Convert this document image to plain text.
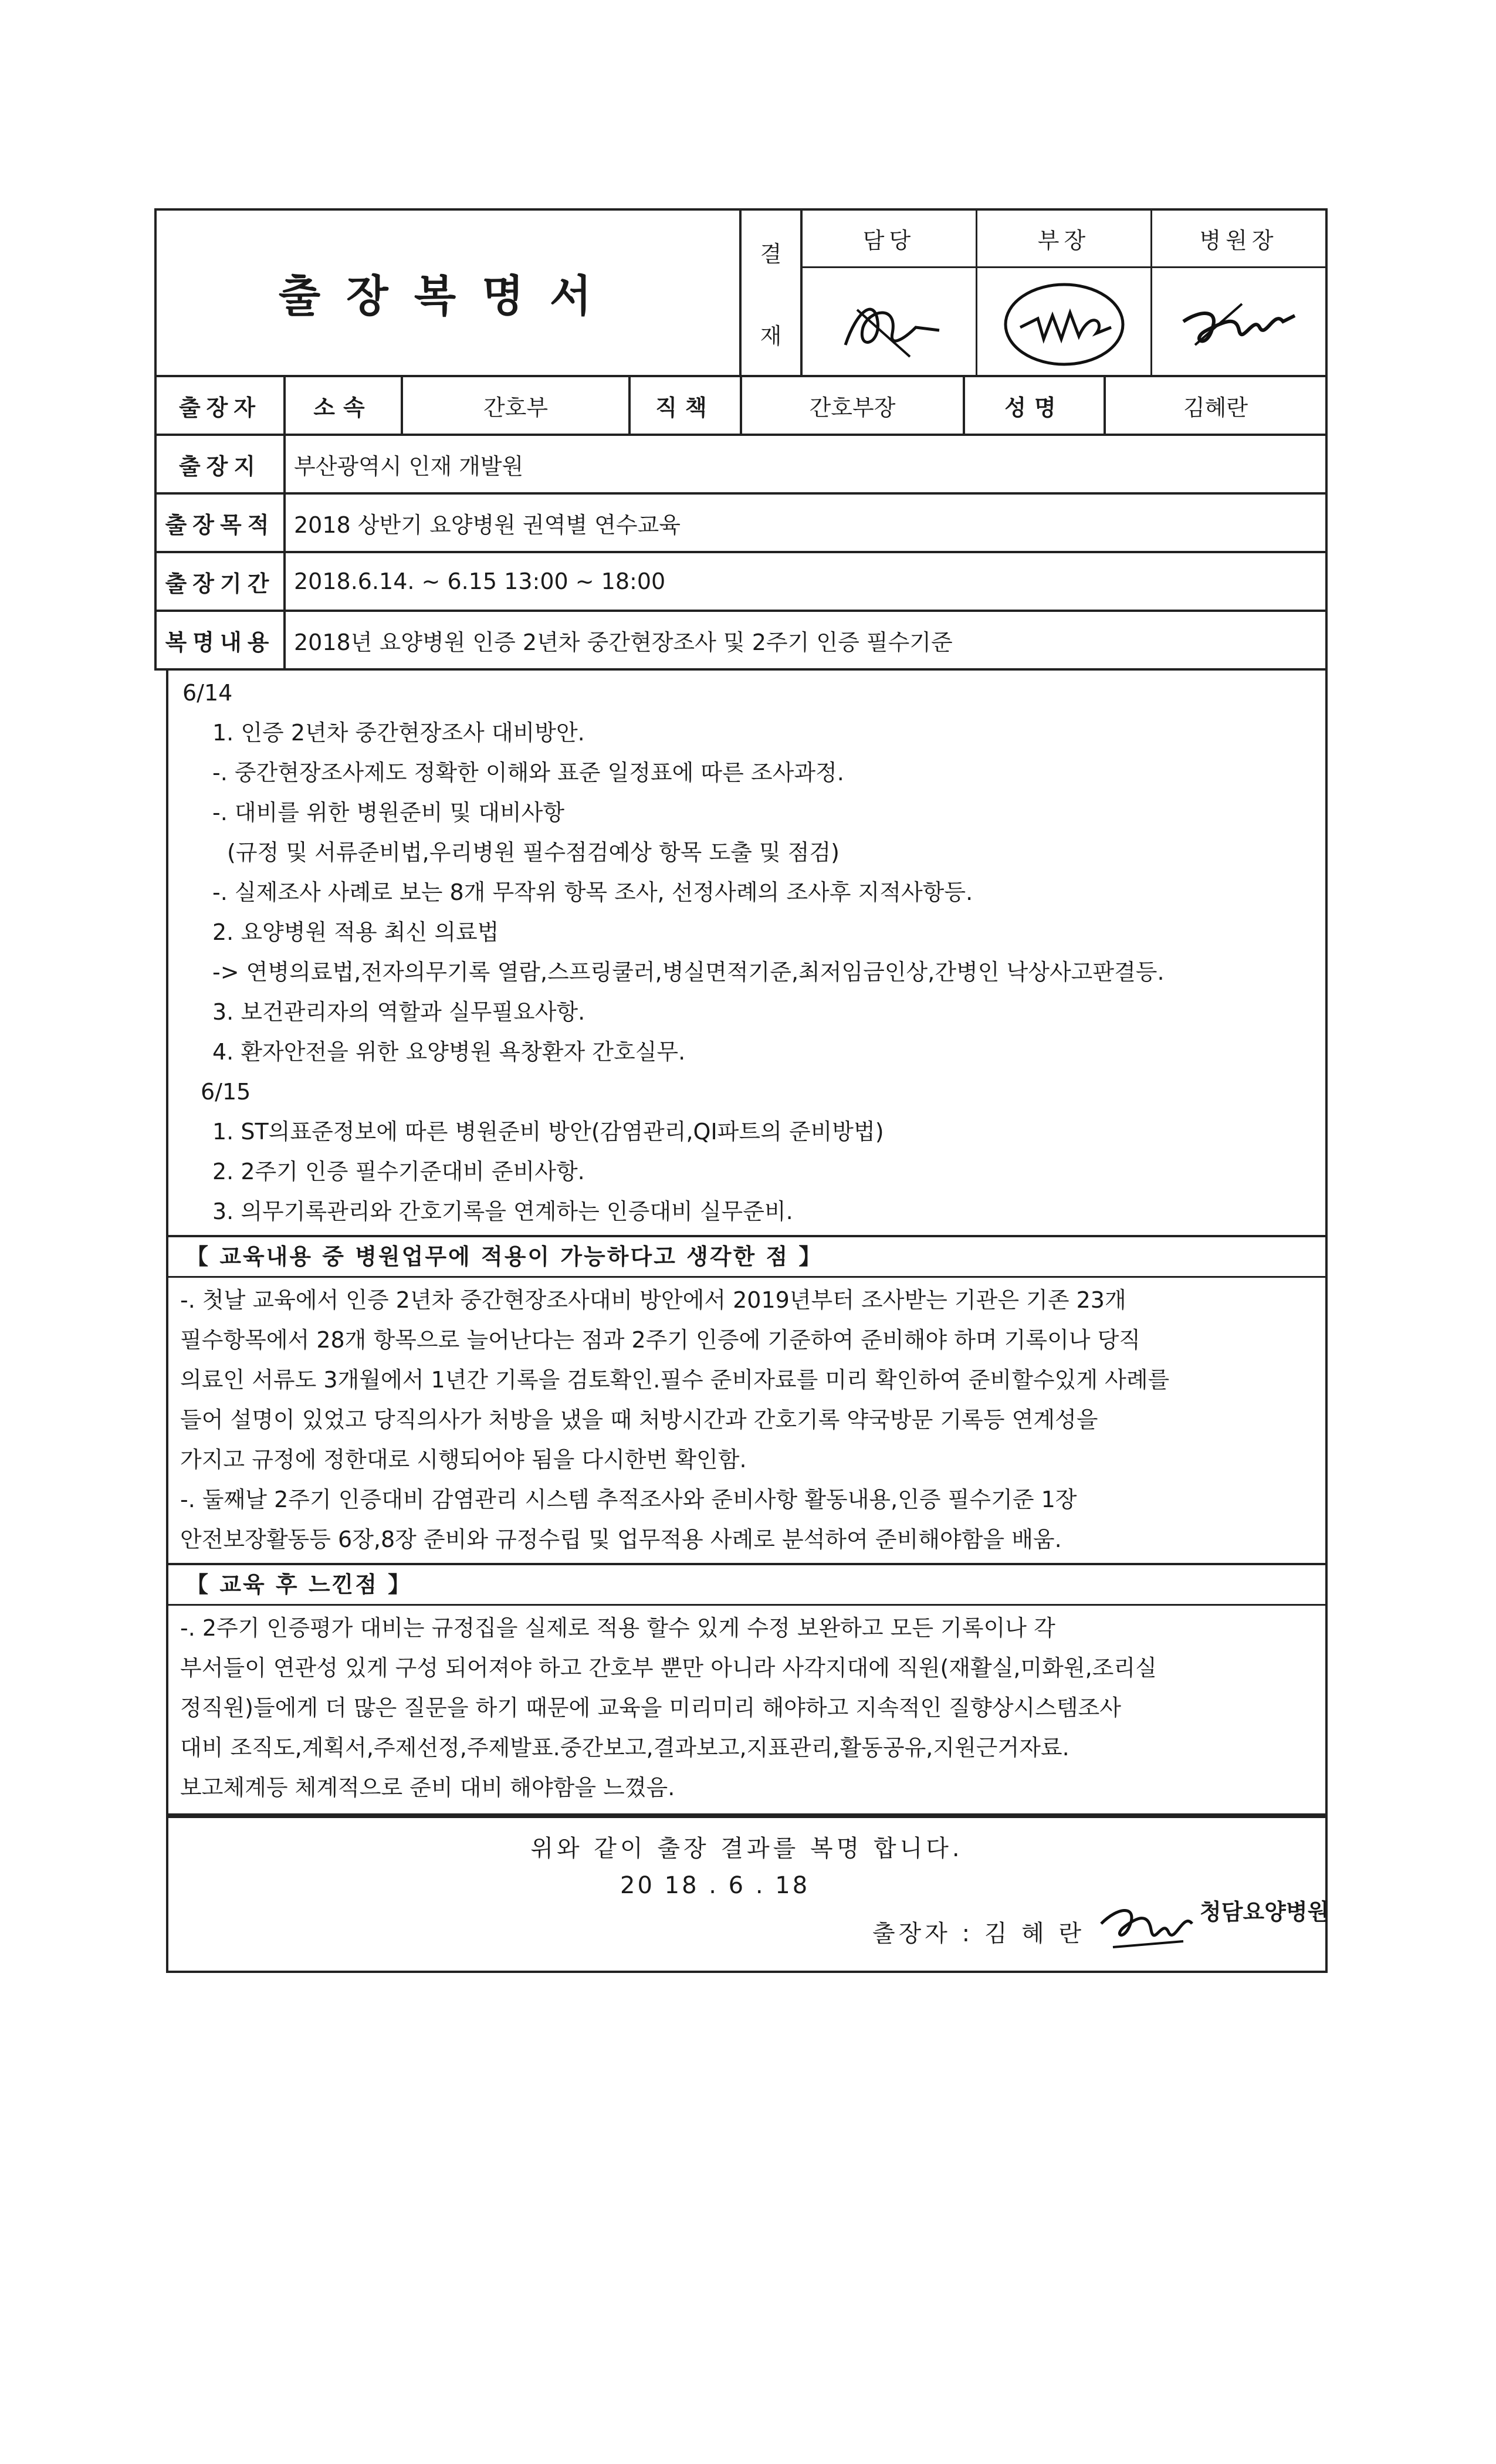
출장복명서
결
재
담당	부장	병원장
출장자	소속	간호부	직책	간호부장	성명	김혜란
출장지	부산광역시 인재 개발원					
출장목적	2018 상반기 요양병원 권역별 연수교육					
출장기간	2018.6.14. ~ 6.15 13:00 ~ 18:00					
복명내용	2018년 요양병원 인증 2년차 중간현장조사 및 2주기 인증 필수기준					
6/14
1. 인증 2년차 중간현장조사 대비방안.
-. 중간현장조사제도 정확한 이해와 표준 일정표에 따른 조사과정.
-. 대비를 위한 병원준비 및 대비사항
(규정 및 서류준비법,우리병원 필수점검예상 항목 도출 및 점검)
-. 실제조사 사례로 보는 8개 무작위 항목 조사, 선정사례의 조사후 지적사항등.
2. 요양병원 적용 최신 의료법
-> 연병의료법,전자의무기록 열람,스프링쿨러,병실면적기준,최저임금인상,간병인 낙상사고판결등.
3. 보건관리자의 역할과 실무필요사항.
4. 환자안전을 위한 요양병원 욕창환자 간호실무.
6/15
1. ST의표준정보에 따른 병원준비 방안(감염관리,QI파트의 준비방법)
2. 2주기 인증 필수기준대비 준비사항.
3. 의무기록관리와 간호기록을 연계하는 인증대비 실무준비.
【 교육내용 중 병원업무에 적용이 가능하다고 생각한 점 】
-. 첫날 교육에서 인증 2년차 중간현장조사대비 방안에서 2019년부터 조사받는 기관은 기존 23개
필수항목에서 28개 항목으로 늘어난다는 점과 2주기 인증에 기준하여 준비해야 하며 기록이나 당직
의료인 서류도 3개월에서 1년간 기록을 검토확인.필수 준비자료를 미리 확인하여 준비할수있게 사례를
들어 설명이 있었고 당직의사가 처방을 냈을 때 처방시간과 간호기록 약국방문 기록등 연계성을
가지고 규정에 정한대로 시행되어야 됨을 다시한번 확인함.
-. 둘째날 2주기 인증대비 감염관리 시스템 추적조사와 준비사항 활동내용,인증 필수기준 1장
안전보장활동등 6장,8장 준비와 규정수립 및 업무적용 사례로 분석하여 준비해야함을 배움.
【 교육 후 느낀점 】
-. 2주기 인증평가 대비는 규정집을 실제로 적용 할수 있게 수정 보완하고 모든 기록이나 각
부서들이 연관성 있게 구성 되어져야 하고 간호부 뿐만 아니라 사각지대에 직원(재활실,미화원,조리실
정직원)들에게 더 많은 질문을 하기 때문에 교육을 미리미리 해야하고 지속적인 질향상시스템조사
대비 조직도,계획서,주제선정,주제발표.중간보고,결과보고,지표관리,활동공유,지원근거자료.
보고체계등 체계적으로 준비 대비 해야함을 느꼈음.
위와 같이 출장 결과를 복명 합니다.
20 18 . 6 . 18
출장자 : 김 혜 란
청담요양병원
